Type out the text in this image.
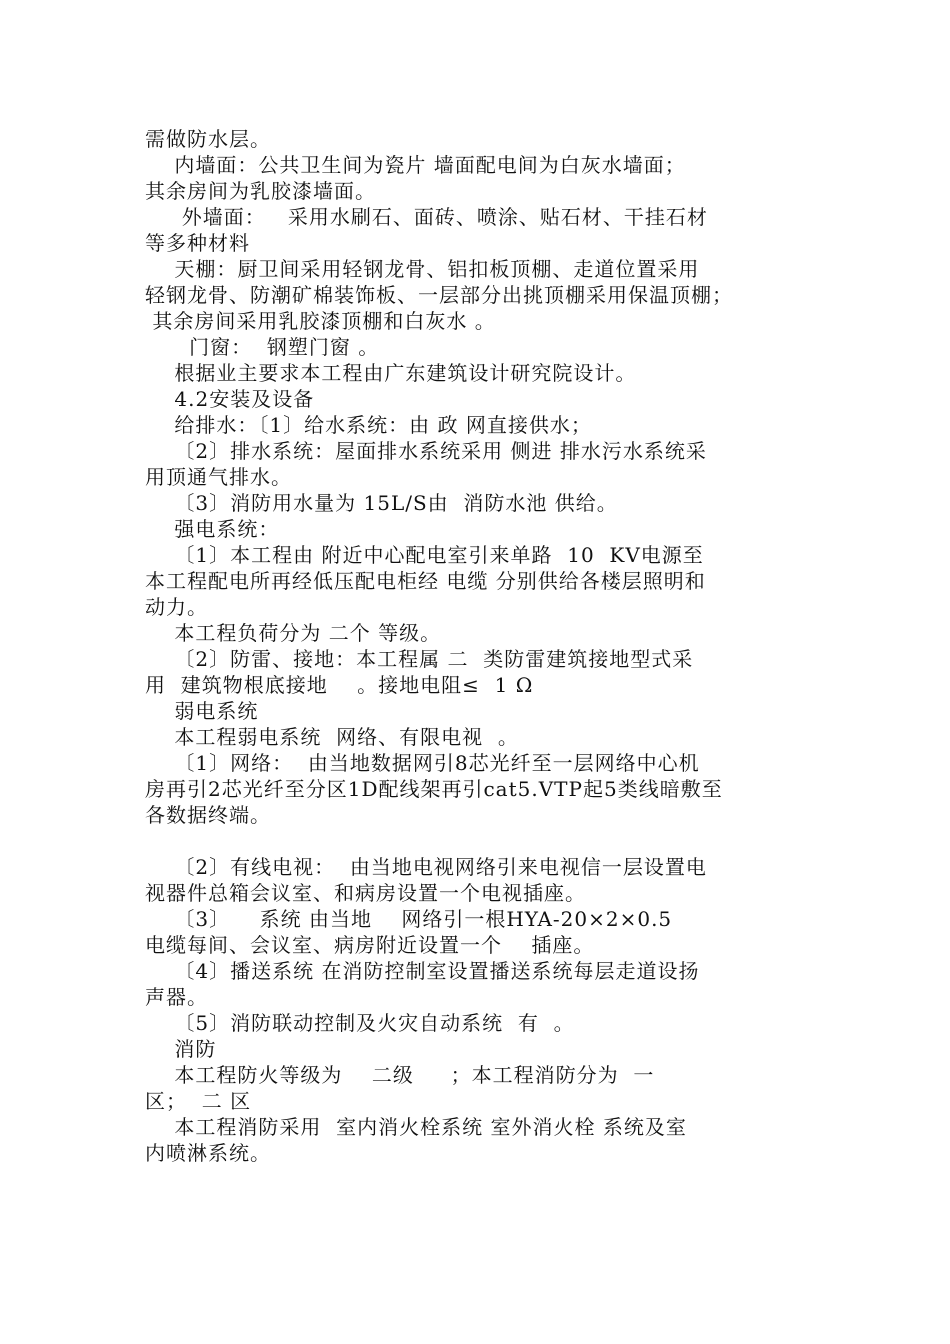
需做防水层。
内墙面：公共卫生间为瓷片 墙面配电间为白灰水墙面；
其余房间为乳胶漆墙面。
外墙面：   采用水刷石、面砖、喷涂、贴石材、干挂石材
等多种材料
天棚：厨卫间采用轻钢龙骨、铝扣板顶棚、走道位置采用
轻钢龙骨、防潮矿棉装饰板、一层部分出挑顶棚采用保温顶棚；
其余房间采用乳胶漆顶棚和白灰水 。
门窗：  钢塑门窗 。
根据业主要求本工程由广东建筑设计研究院设计。
4.2安装及设备
给排水：〔1〕给水系统：由 政 网直接供水；
〔2〕排水系统：屋面排水系统采用 侧进 排水污水系统采
用顶通气排水。
〔3〕消防用水量为 15L/S由  消防水池 供给。
强电系统：
〔1〕本工程由 附近中心配电室引来单路  10  KV电源至
本工程配电所再经低压配电柜经 电缆 分别供给各楼层照明和
动力。
本工程负荷分为 二个 等级。
〔2〕防雷、接地：本工程属 二  类防雷建筑接地型式采
用  建筑物根底接地    。接地电阻≤  1 Ω
弱电系统
本工程弱电系统  网络、有限电视  。
〔1〕网络：  由当地数据网引8芯光纤至一层网络中心机
房再引2芯光纤至分区1D配线架再引cat5.VTP起5类线暗敷至
各数据终端。
〔2〕有线电视：  由当地电视网络引来电视信一层设置电
视器件总箱会议室、和病房设置一个电视插座。
〔3〕    系统 由当地    网络引一根HYA-20×2×0.5
电缆每间、会议室、病房附近设置一个    插座。
〔4〕播送系统 在消防控制室设置播送系统每层走道设扬
声器。
〔5〕消防联动控制及火灾自动系统  有  。
消防
本工程防火等级为    二级     ；本工程消防分为  一
区；  二 区
本工程消防采用  室内消火栓系统 室外消火栓 系统及室
内喷淋系统。
